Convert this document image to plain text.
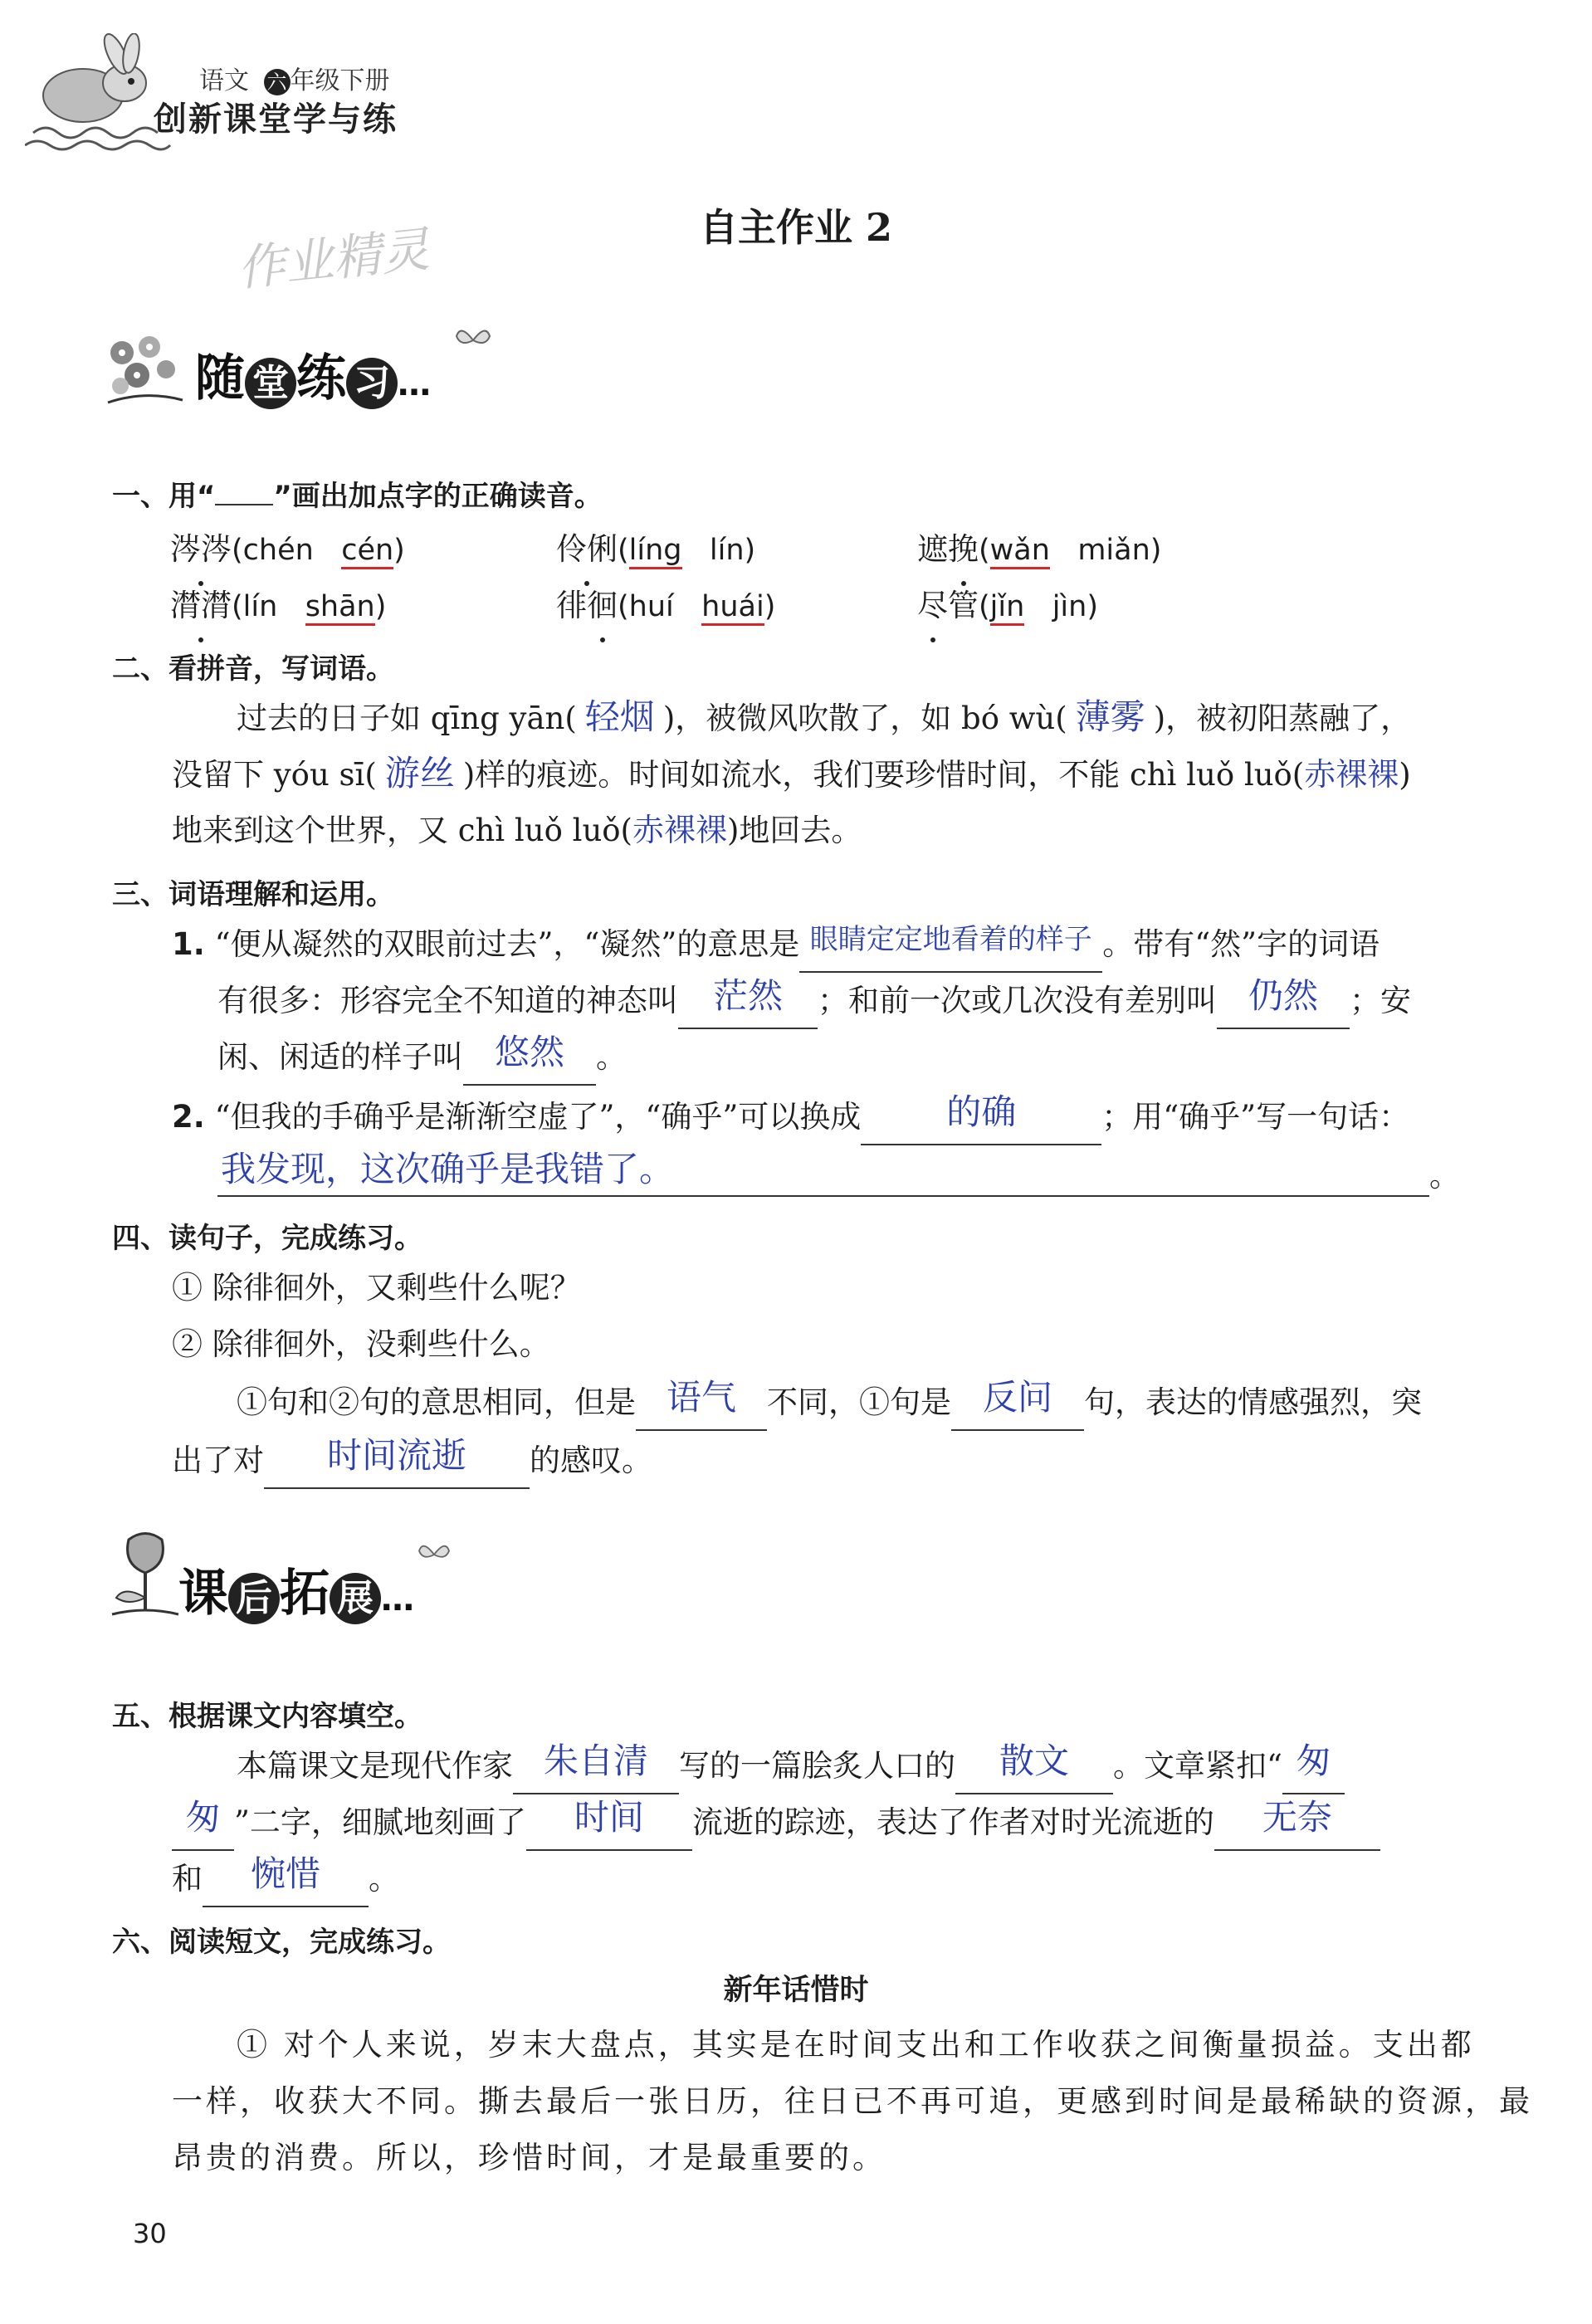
语文 六 年级下册
创新课堂学与练
作业精灵	自主作业 2
随 堂 练 习 …
一、用“ ”画出加点字的正确读音。
涔涔(chén cén)	伶俐(líng lín)	遮挽(wǎn miǎn)
潸潸(lín shān)	徘徊(huí huái)	尽管(jǐn jìn)
二、看拼音，写词语。
过去的日子如 qīng yān( 轻烟 )，被微风吹散了，如 bó wù( 薄雾 )，被初阳蒸融了，
没留下 yóu sī( 游丝 )样的痕迹。时间如流水，我们要珍惜时间，不能 chì luǒ luǒ(赤裸裸)
地来到这个世界，又 chì luǒ luǒ(赤裸裸)地回去。
三、词语理解和运用。
1. “便从凝然的双眼前过去”，“凝然”的意思是 眼睛定定地看着的样子 。带有“然”字的词语
有很多：形容完全不知道的神态叫 茫然	；和前一次或几次没有差别叫 仍然	；安
闲、闲适的样子叫 悠然	。
2. “但我的手确乎是渐渐空虚了”，“确乎”可以换成	的确	；用“确乎”写一句话：
我发现，这次确乎是我错了。	。
四、读句子，完成练习。
① 除徘徊外，又剩些什么呢？
② 除徘徊外，没剩些什么。
①句和②句的意思相同，但是 语气	不同，①句是 反问	句，表达的情感强烈，突
出了对	时间流逝	的感叹。
课 后 拓 展 …
五、根据课文内容填空。
本篇课文是现代作家 朱自清	写的一篇脍炙人口的	散文	。文章紧扣“ 匆
匆 ”二字，细腻地刻画了	时间	流逝的踪迹，表达了作者对时光流逝的	无奈
和	惋惜	。
六、阅读短文，完成练习。
新年话惜时
① 对个人来说，岁末大盘点，其实是在时间支出和工作收获之间衡量损益。支出都
一样，收获大不同。撕去最后一张日历，往日已不再可追，更感到时间是最稀缺的资源，最
昂贵的消费。所以，珍惜时间，才是最重要的。
30
